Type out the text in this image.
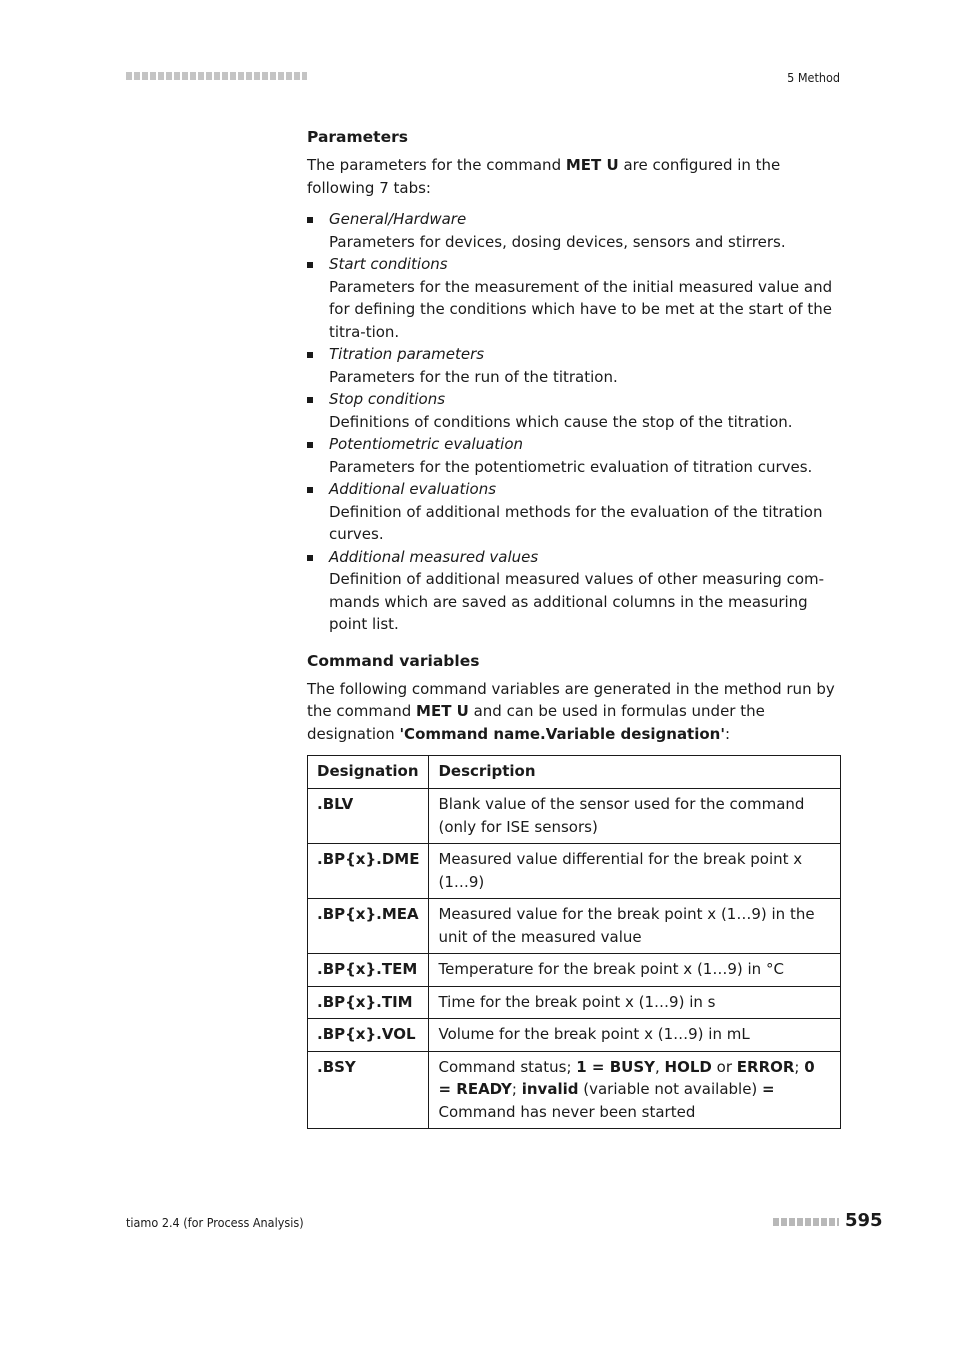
5 Method
Parameters

The parameters for the command MET U are configured in the following 7 tabs:

General/Hardware
Parameters for devices, dosing devices, sensors and stirrers.
Start conditions
Parameters for the measurement of the initial measured value and for defining the conditions which have to be met at the start of the titra-tion.
Titration parameters
Parameters for the run of the titration.
Stop conditions
Definitions of conditions which cause the stop of the titration.
Potentiometric evaluation
Parameters for the potentiometric evaluation of titration curves.
Additional evaluations
Definition of additional methods for the evaluation of the titration curves.
Additional measured values
Definition of additional measured values of other measuring com-mands which are saved as additional columns in the measuring point list.
Command variables

The following command variables are generated in the method run by the command MET U and can be used in formulas under the designation 'Command name.Variable designation':

Designation	Description
.BLV	Blank value of the sensor used for the command (only for ISE sensors)
.BP{x}.DME	Measured value differential for the break point x (1…9)
.BP{x}.MEA	Measured value for the break point x (1…9) in the unit of the measured value
.BP{x}.TEM	Temperature for the break point x (1…9) in °C
.BP{x}.TIM	Time for the break point x (1…9) in s
.BP{x}.VOL	Volume for the break point x (1…9) in mL
.BSY	Command status; 1 = BUSY, HOLD or ERROR; 0 = READY; invalid (variable not available) = Command has never been started
tiamo 2.4 (for Process Analysis)	595
